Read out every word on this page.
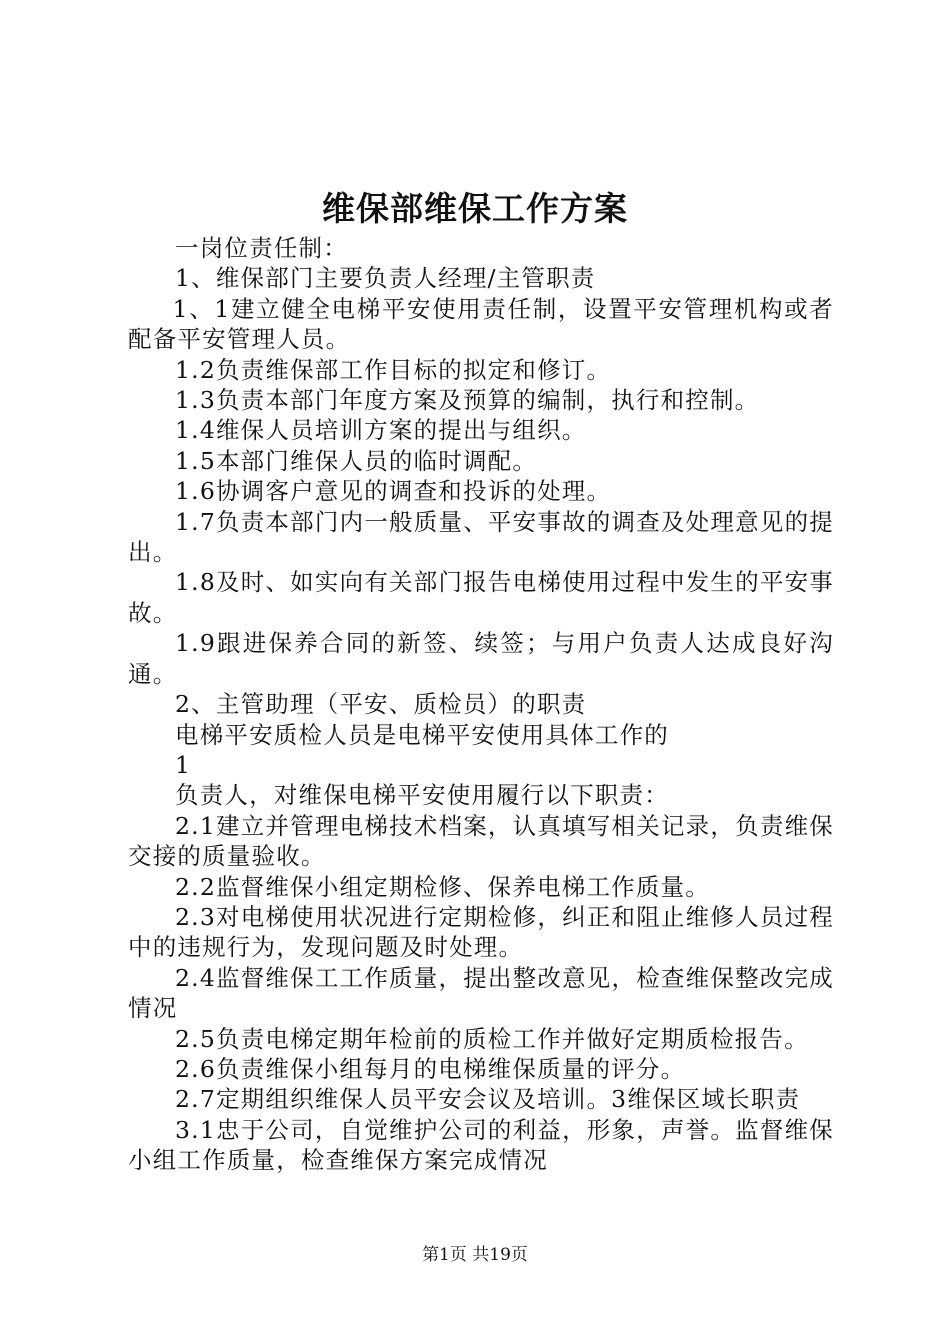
维保部维保工作方案

一岗位责任制：

1、维保部门主要负责人经理/主管职责

1、1建立健全电梯平安使用责任制，设置平安管理机构或者配备平安管理人员。

1.2负责维保部工作目标的拟定和修订。

1.3负责本部门年度方案及预算的编制，执行和控制。

1.4维保人员培训方案的提出与组织。

1.5本部门维保人员的临时调配。

1.6协调客户意见的调查和投诉的处理。

1.7负责本部门内一般质量、平安事故的调查及处理意见的提出。

1.8及时、如实向有关部门报告电梯使用过程中发生的平安事故。

1.9跟进保养合同的新签、续签；与用户负责人达成良好沟通。

2、主管助理（平安、质检员）的职责

电梯平安质检人员是电梯平安使用具体工作的

1

负责人，对维保电梯平安使用履行以下职责：

2.1建立并管理电梯技术档案，认真填写相关记录，负责维保交接的质量验收。

2.2监督维保小组定期检修、保养电梯工作质量。

2.3对电梯使用状况进行定期检修，纠正和阻止维修人员过程中的违规行为，发现问题及时处理。

2.4监督维保工工作质量，提出整改意见，检查维保整改完成情况

2.5负责电梯定期年检前的质检工作并做好定期质检报告。

2.6负责维保小组每月的电梯维保质量的评分。

2.7定期组织维保人员平安会议及培训。3维保区域长职责

3.1忠于公司，自觉维护公司的利益，形象，声誉。监督维保小组工作质量，检查维保方案完成情况

第1页 共19页
